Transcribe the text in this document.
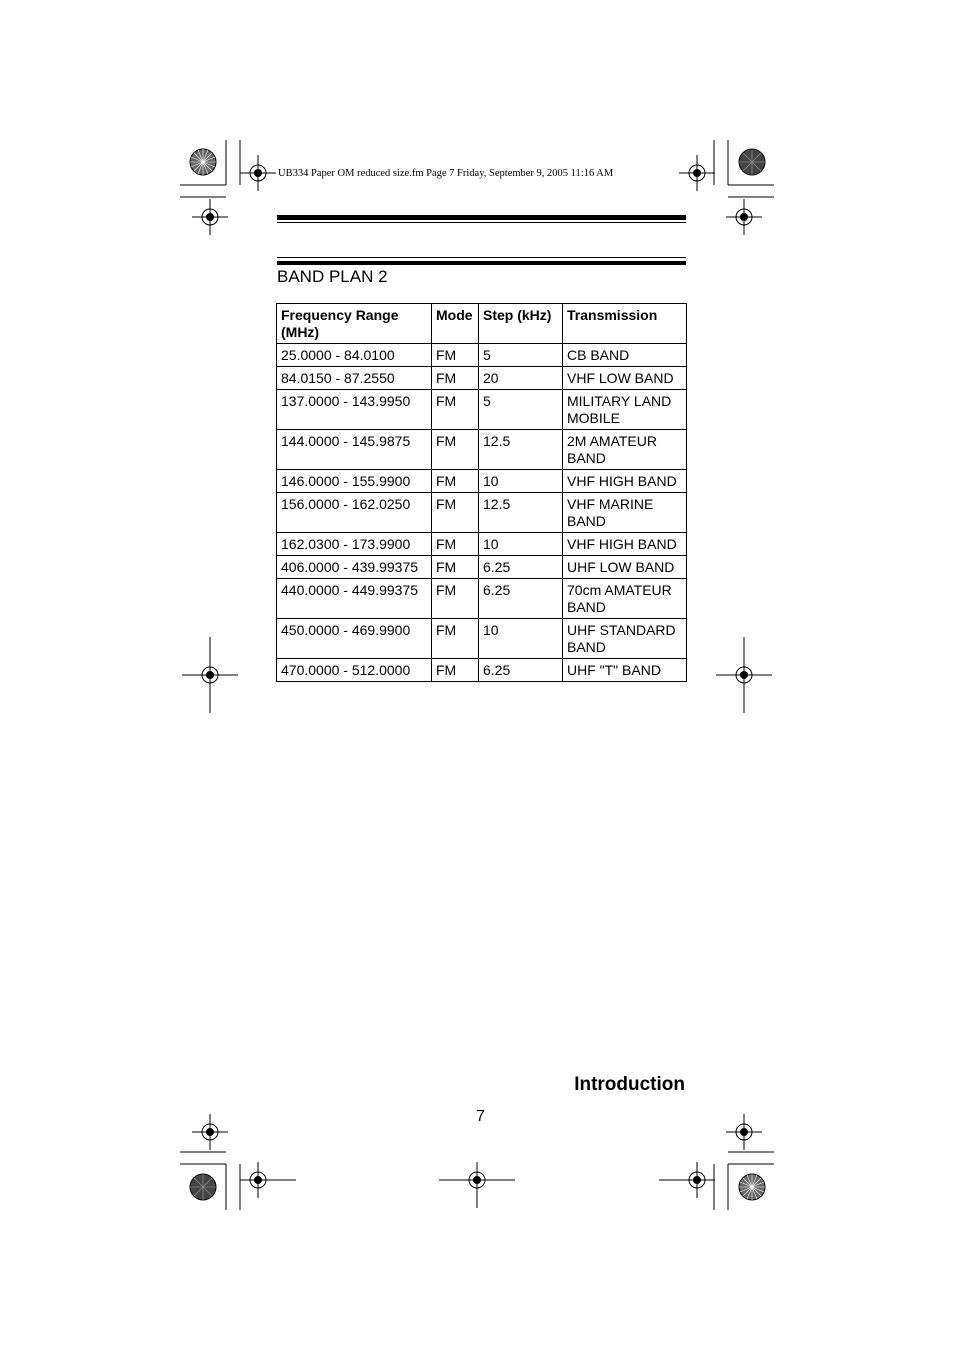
UB334 Paper OM reduced size.fm Page 7 Friday, September 9, 2005 11:16 AM
BAND PLAN 2
Frequency Range (MHz)	Mode	Step (kHz)	Transmission
25.0000 - 84.0100	FM	5	CB BAND
84.0150 - 87.2550	FM	20	VHF LOW BAND
137.0000 - 143.9950	FM	5	MILITARY LAND MOBILE
144.0000 - 145.9875	FM	12.5	2M AMATEUR BAND
146.0000 - 155.9900	FM	10	VHF HIGH BAND
156.0000 - 162.0250	FM	12.5	VHF MARINE BAND
162.0300 - 173.9900	FM	10	VHF HIGH BAND
406.0000 - 439.99375	FM	6.25	UHF LOW BAND
440.0000 - 449.99375	FM	6.25	70cm AMATEUR BAND
450.0000 - 469.9900	FM	10	UHF STANDARD BAND
470.0000 - 512.0000	FM	6.25	UHF "T" BAND
Introduction
7
